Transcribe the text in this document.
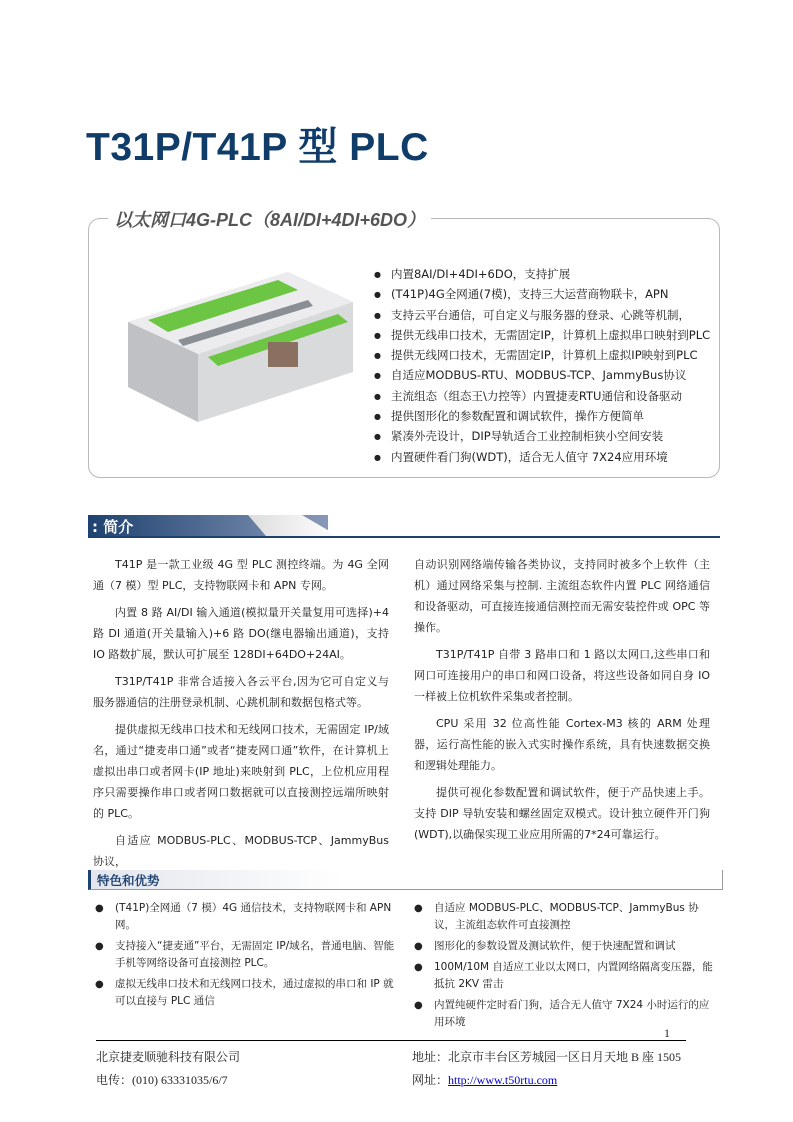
T31P/T41P 型 PLC
以太网口4G-PLC（8AI/DI+4DI+6DO）
● 内置8AI/DI+4DI+6DO，支持扩展
● (T41P)4G全网通(7模)，支持三大运营商物联卡，APN
● 支持云平台通信，可自定义与服务器的登录、心跳等机制，
● 提供无线串口技术，无需固定IP，计算机上虚拟串口映射到PLC
● 提供无线网口技术，无需固定IP，计算机上虚拟IP映射到PLC
● 自适应MODBUS-RTU、MODBUS-TCP、JammyBus协议
● 主流组态（组态王\力控等）内置捷麦RTU通信和设备驱动
● 提供图形化的参数配置和调试软件，操作方便简单
● 紧凑外壳设计，DIP导轨适合工业控制柜狭小空间安装
● 内置硬件看门狗(WDT)，适合无人值守 7X24应用环境
: 简介

T41P 是一款工业级 4G 型 PLC 测控终端。为 4G 全网通（7 模）型 PLC，支持物联网卡和 APN 专网。

内置 8 路 AI/DI 输入通道(模拟量开关量复用可选择)+4 路 DI 通道(开关量输入)+6 路 DO(继电器输出通道)，支持 IO 路数扩展，默认可扩展至 128DI+64DO+24AI。

T31P/T41P 非常合适接入各云平台,因为它可自定义与服务器通信的注册登录机制、心跳机制和数据包格式等。

提供虚拟无线串口技术和无线网口技术，无需固定 IP/域名，通过“捷麦串口通”或者“捷麦网口通”软件，在计算机上虚拟出串口或者网卡(IP 地址)来映射到 PLC，上位机应用程序只需要操作串口或者网口数据就可以直接测控远端所映射的 PLC。

自适应 MODBUS-PLC、MODBUS-TCP、JammyBus 协议，

自动识别网络端传输各类协议，支持同时被多个上软件（主机）通过网络采集与控制. 主流组态软件内置 PLC 网络通信和设备驱动，可直接连接通信测控而无需安装控件或 OPC 等操作。

T31P/T41P 自带 3 路串口和 1 路以太网口,这些串口和网口可连接用户的串口和网口设备，将这些设备如同自身 IO 一样被上位机软件采集或者控制。

CPU 采用 32 位高性能 Cortex-M3 核的 ARM 处理器，运行高性能的嵌入式实时操作系统，具有快速数据交换和逻辑处理能力。

提供可视化参数配置和调试软件，便于产品快速上手。支持 DIP 导轨安装和螺丝固定双模式。设计独立硬件开门狗(WDT),以确保实现工业应用所需的7*24可靠运行。

特色和优势
● (T41P)全网通（7 模）4G 通信技术，支持物联网卡和 APN 网。
● 支持接入“捷麦通”平台，无需固定 IP/域名，普通电脑、智能手机等网络设备可直接测控 PLC。
● 虚拟无线串口技术和无线网口技术，通过虚拟的串口和 IP 就可以直接与 PLC 通信
● 自适应 MODBUS-PLC、MODBUS-TCP、JammyBus 协议，主流组态软件可直接测控
● 图形化的参数设置及测试软件，便于快速配置和调试
● 100M/10M 自适应工业以太网口，内置网络隔离变压器，能抵抗 2KV 雷击
● 内置纯硬件定时看门狗，适合无人值守 7X24 小时运行的应用环境
1
北京捷麦顺驰科技有限公司
电传：(010) 63331035/6/7
地址：北京市丰台区芳城园一区日月天地 B 座 1505
网址：http://www.t50rtu.com
